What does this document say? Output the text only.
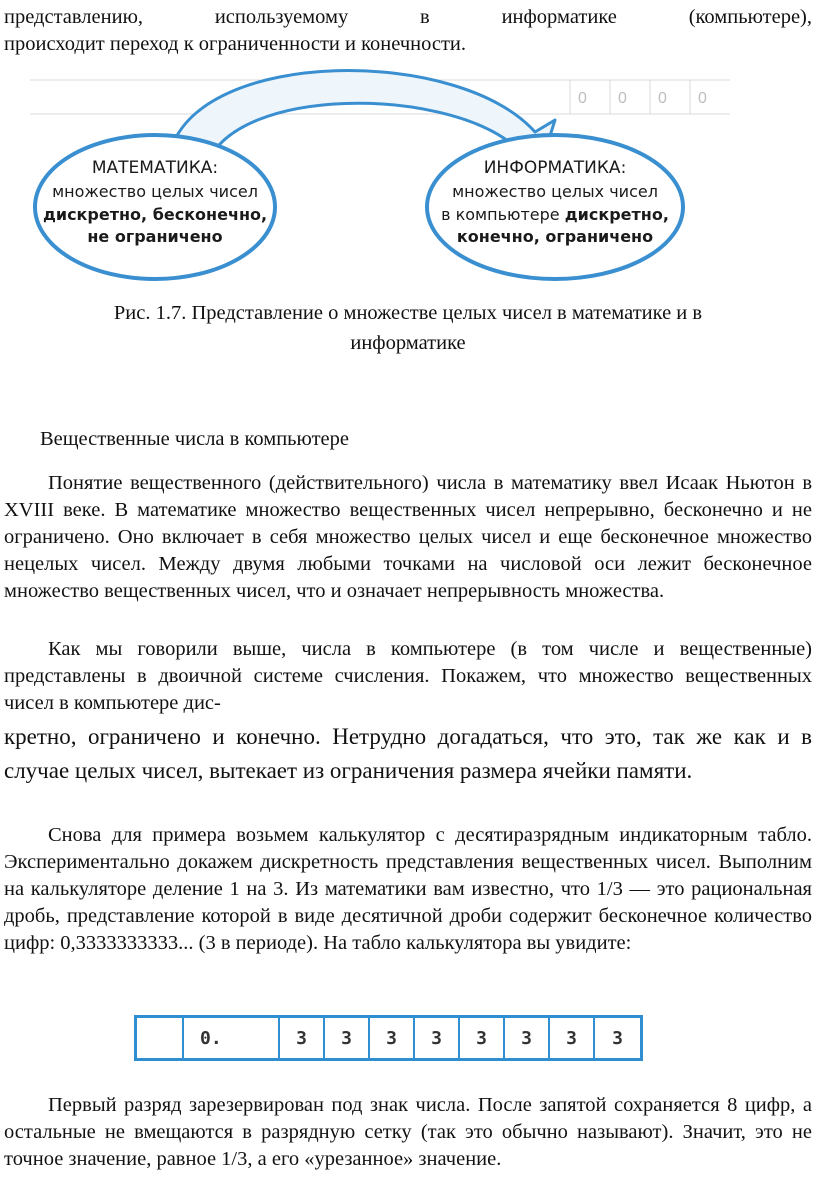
представлению, используемому в информатике (компьютере),

происходит переход к ограниченности и конечности.

0 0 0 0
МАТЕМАТИКА:
множество целых чисел
дискретно, бесконечно,
не ограничено
ИНФОРМАТИКА:
множество целых чисел
в компьютере дискретно,
конечно, ограничено
Рис. 1.7. Представление о множестве целых чисел в математике и в
информатике
Вещественные числа в компьютере

Понятие вещественного (действительного) числа в математику ввел Исаак Ньютон в XVIII веке. В математике множество вещественных чисел непрерывно, бесконечно и не ограничено. Оно включает в себя множество целых чисел и еще бесконечное множество нецелых чисел. Между двумя любыми точками на числовой оси лежит бесконечное множество вещественных чисел, что и означает непрерывность множества.

Как мы говорили выше, числа в компьютере (в том числе и вещественные) представлены в двоичной системе счисления. Покажем, что множество вещественных чисел в компьютере дис-

кретно, ограничено и конечно. Нетрудно догадаться, что это, так же как и в случае целых чисел, вытекает из ограничения размера ячейки памяти.

Снова для примера возьмем калькулятор с десятиразрядным индикаторным табло. Экспериментально докажем дискретность представления вещественных чисел. Выполним на калькуляторе деление 1 на 3. Из математики вам известно, что 1/3 — это рациональная дробь, представление которой в виде десятичной дроби содержит бесконечное количество цифр: 0,3333333333... (3 в периоде). На табло калькулятора вы увидите:

0.	3	3	3	3	3	3	3	3

Первый разряд зарезервирован под знак числа. После запятой сохраняется 8 цифр, а остальные не вмещаются в разрядную сетку (так это обычно называют). Значит, это не точное значение, равное 1/3, а его «урезанное» значение.
